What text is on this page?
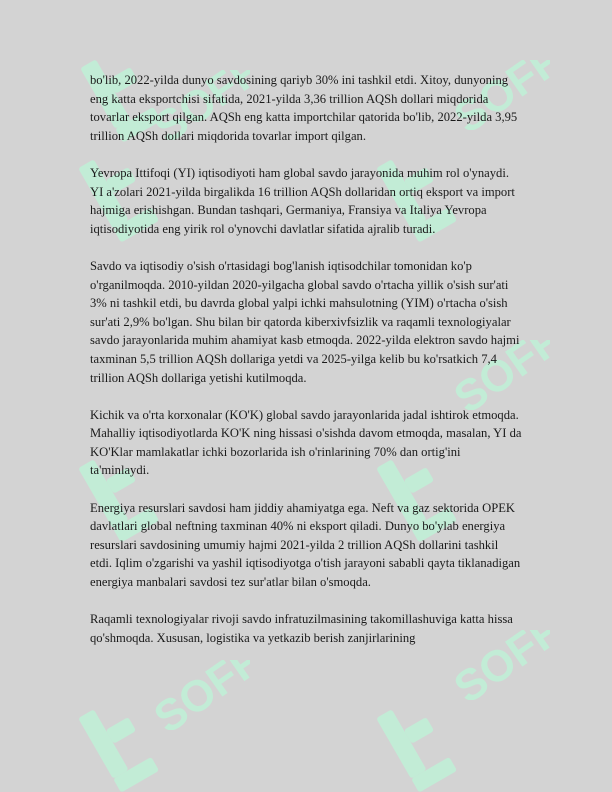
SOFF	SOFF
SOFF
SOFF
SOFF

bo'lib, 2022-yilda dunyo savdosining qariyb 30% ini tashkil etdi. Xitoy, dunyoning eng katta eksportchisi sifatida, 2021-yilda 3,36 trillion AQSh dollari miqdorida tovarlar eksport qilgan. AQSh eng katta importchilar qatorida bo'lib, 2022-yilda 3,95 trillion AQSh dollari miqdorida tovarlar import qilgan.

Yevropa Ittifoqi (YI) iqtisodiyoti ham global savdo jarayonida muhim rol o'ynaydi. YI a'zolari 2021-yilda birgalikda 16 trillion AQSh dollaridan ortiq eksport va import hajmiga erishishgan. Bundan tashqari, Germaniya, Fransiya va Italiya Yevropa iqtisodiyotida eng yirik rol o'ynovchi davlatlar sifatida ajralib turadi.

Savdo va iqtisodiy o'sish o'rtasidagi bog'lanish iqtisodchilar tomonidan ko'p o'rganilmoqda. 2010-yildan 2020-yilgacha global savdo o'rtacha yillik o'sish sur'ati 3% ni tashkil etdi, bu davrda global yalpi ichki mahsulotning (YIM) o'rtacha o'sish sur'ati 2,9% bo'lgan. Shu bilan bir qatorda kiberxivfsizlik va raqamli texnologiyalar savdo jarayonlarida muhim ahamiyat kasb etmoqda. 2022-yilda elektron savdo hajmi taxminan 5,5 trillion AQSh dollariga yetdi va 2025-yilga kelib bu ko'rsatkich 7,4 trillion AQSh dollariga yetishi kutilmoqda.

Kichik va o'rta korxonalar (KO'K) global savdo jarayonlarida jadal ishtirok etmoqda. Mahalliy iqtisodiyotlarda KO'K ning hissasi o'sishda davom etmoqda, masalan, YI da KO'Klar mamlakatlar ichki bozorlarida ish o'rinlarining 70% dan ortig'ini ta'minlaydi.

Energiya resurslari savdosi ham jiddiy ahamiyatga ega. Neft va gaz sektorida OPEK davlatlari global neftning taxminan 40% ni eksport qiladi. Dunyo bo'ylab energiya resurslari savdosining umumiy hajmi 2021-yilda 2 trillion AQSh dollarini tashkil etdi. Iqlim o'zgarishi va yashil iqtisodiyotga o'tish jarayoni sababli qayta tiklanadigan energiya manbalari savdosi tez sur'atlar bilan o'smoqda.

Raqamli texnologiyalar rivoji savdo infratuzilmasining takomillashuviga katta hissa qo'shmoqda. Xususan, logistika va yetkazib berish zanjirlarining
